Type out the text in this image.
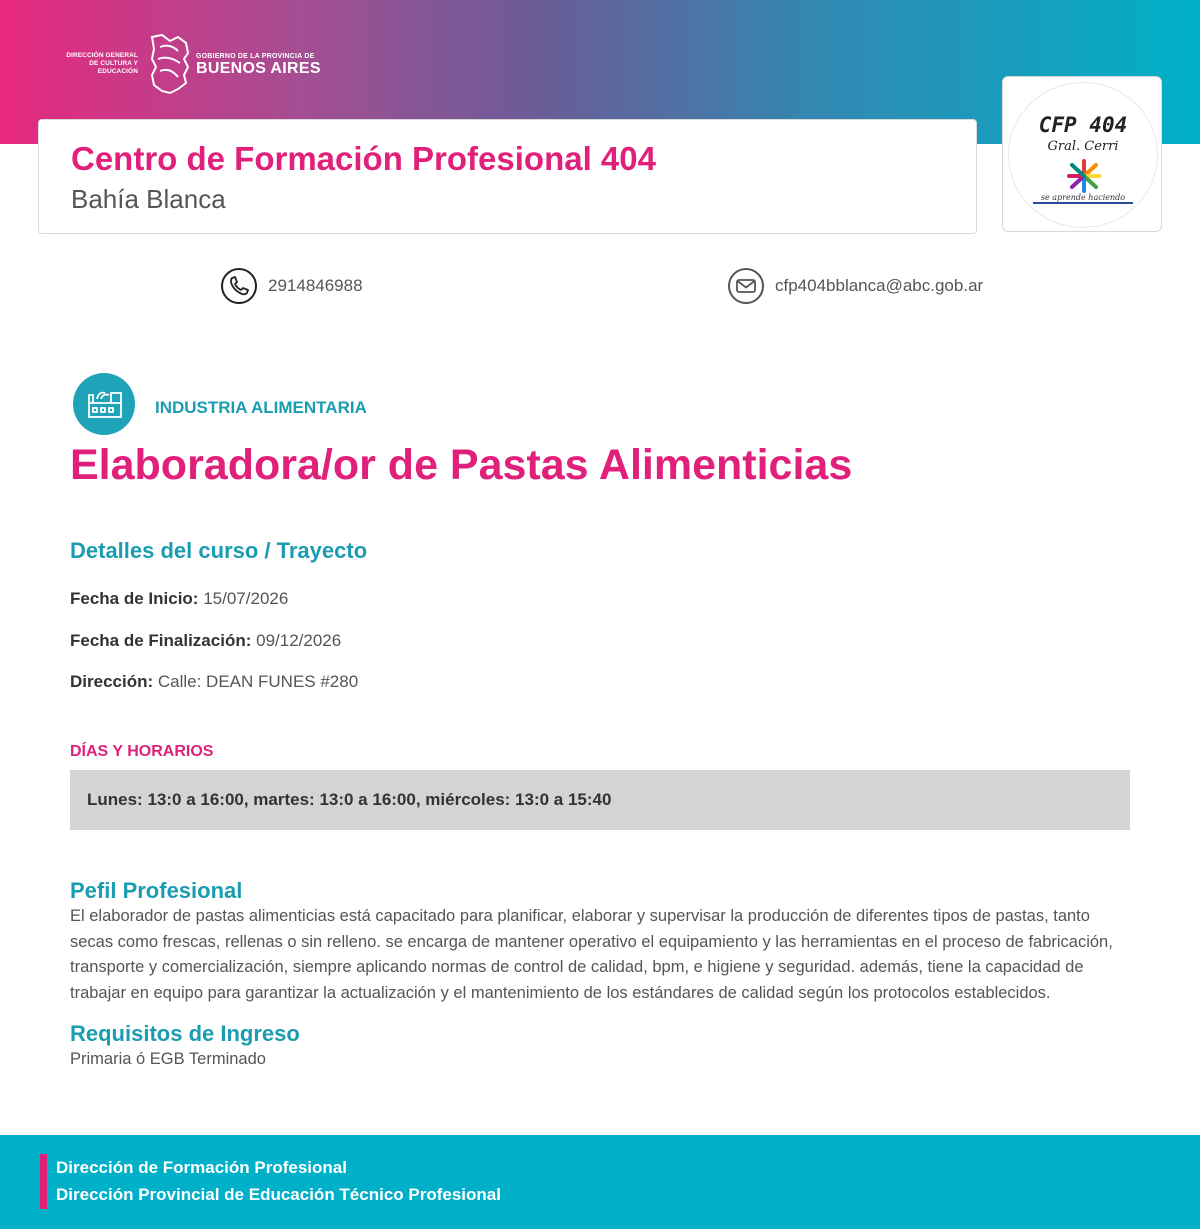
DIRECCIÓN GENERAL DE CULTURA Y EDUCACIÓN
GOBIERNO DE LA PROVINCIA DE
BUENOS AIRES
Centro de Formación Profesional 404
Bahía Blanca
CFP 404
Gral. Cerri
se aprende haciendo
2914846988	cfp404bblanca@abc.gob.ar
INDUSTRIA ALIMENTARIA
Elaboradora/or de Pastas Alimenticias
Detalles del curso / Trayecto
Fecha de Inicio: 15/07/2026
Fecha de Finalización: 09/12/2026
Dirección: Calle: DEAN FUNES #280
DÍAS Y HORARIOS
Lunes: 13:0 a 16:00, martes: 13:0 a 16:00, miércoles: 13:0 a 15:40
Pefil Profesional
El elaborador de pastas alimenticias está capacitado para planificar, elaborar y supervisar la producción de diferentes tipos de pastas, tanto secas como frescas, rellenas o sin relleno. se encarga de mantener operativo el equipamiento y las herramientas en el proceso de fabricación, transporte y comercialización, siempre aplicando normas de control de calidad, bpm, e higiene y seguridad. además, tiene la capacidad de trabajar en equipo para garantizar la actualización y el mantenimiento de los estándares de calidad según los protocolos establecidos.
Requisitos de Ingreso
Primaria ó EGB Terminado
Dirección de Formación Profesional
Dirección Provincial de Educación Técnico Profesional
